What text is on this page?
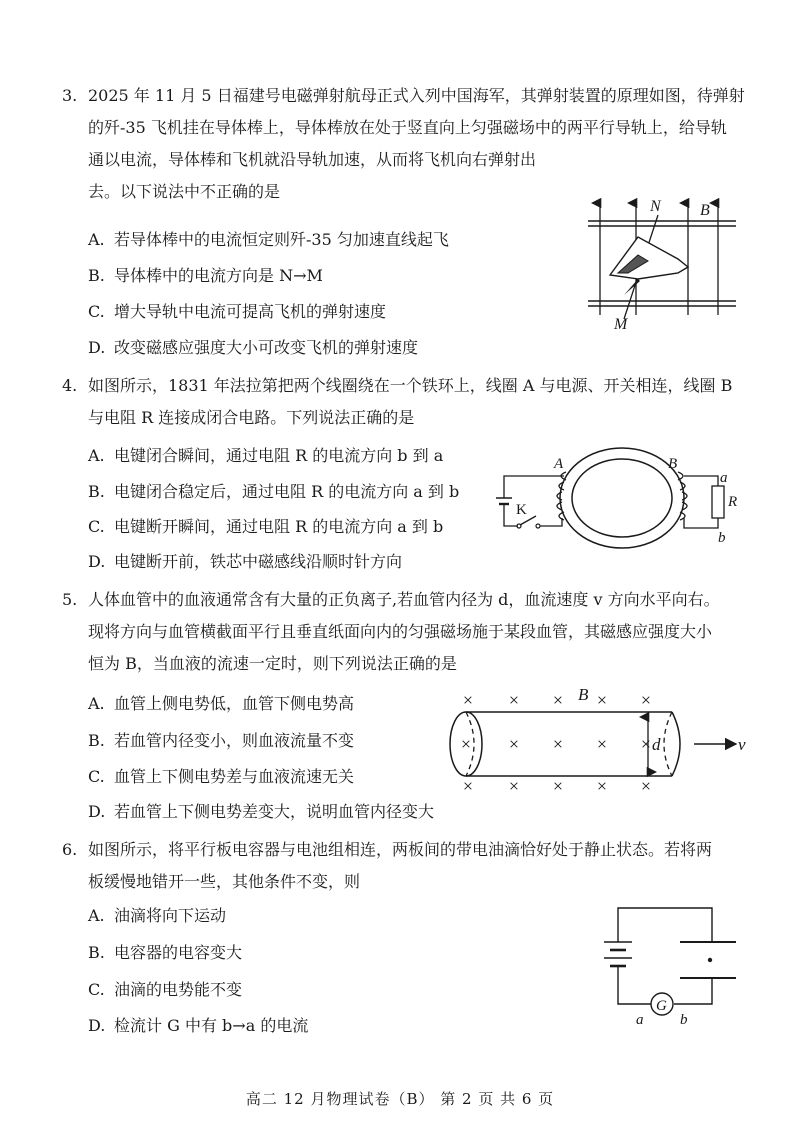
3. 2025 年 11 月 5 日福建号电磁弹射航母正式入列中国海军，其弹射装置的原理如图，待弹射

的歼-35 飞机挂在导体棒上，导体棒放在处于竖直向上匀强磁场中的两平行导轨上，给导轨

通以电流，导体棒和飞机就沿导轨加速，从而将飞机向右弹射出

去。以下说法中不正确的是

A. 若导体棒中的电流恒定则歼-35 匀加速直线起飞
B. 导体棒中的电流方向是 N→M
C. 增大导轨中电流可提高飞机的弹射速度
D. 改变磁感应强度大小可改变飞机的弹射速度
N B
M

4. 如图所示，1831 年法拉第把两个线圈绕在一个铁环上，线圈 A 与电源、开关相连，线圈 B

与电阻 R 连接成闭合电路。下列说法正确的是

A. 电键闭合瞬间，通过电阻 R 的电流方向 b 到 a
B. 电键闭合稳定后，通过电阻 R 的电流方向 a 到 b
C. 电键断开瞬间，通过电阻 R 的电流方向 a 到 b
D. 电键断开前，铁芯中磁感线沿顺时针方向
A	B
a
R
b
K

5. 人体血管中的血液通常含有大量的正负离子,若血管内径为 d，血流速度 v 方向水平向右。

现将方向与血管横截面平行且垂直纸面向内的匀强磁场施于某段血管，其磁感应强度大小

恒为 B，当血液的流速一定时，则下列说法正确的是

A. 血管上侧电势低，血管下侧电势高
B. 若血管内径变小，则血液流量不变
C. 血管上下侧电势差与血液流速无关
D. 若血管上下侧电势差变大，说明血管内径变大
× × × × ×
× × × × ×
× × × × ×
B
d	v

6. 如图所示，将平行板电容器与电池组相连，两板间的带电油滴恰好处于静止状态。若将两

板缓慢地错开一些，其他条件不变，则

A. 油滴将向下运动
B. 电容器的电容变大
C. 油滴的电势能不变
D. 检流计 G 中有 b→a 的电流
G
a b
高二 12 月物理试卷（B） 第 2 页 共 6 页
